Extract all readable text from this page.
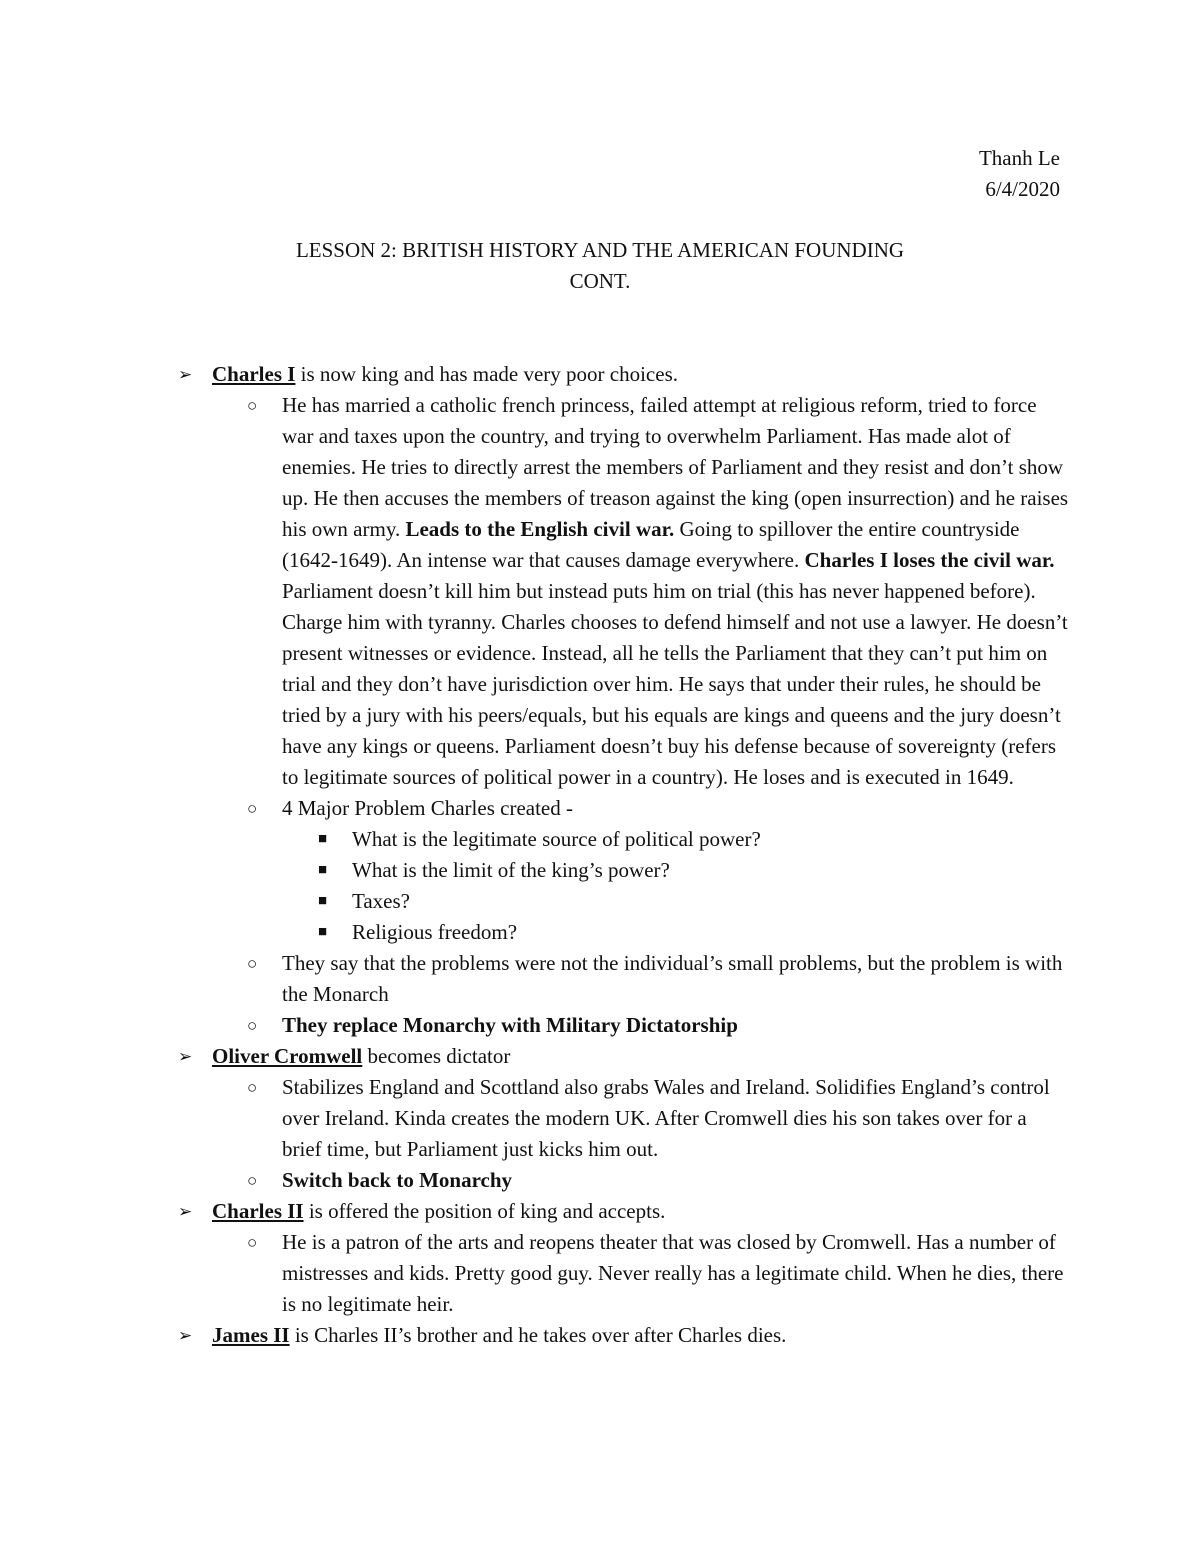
Thanh Le
6/4/2020
LESSON 2: BRITISH HISTORY AND THE AMERICAN FOUNDING
CONT.
➢ Charles I is now king and has made very poor choices.
○ He has married a catholic french princess, failed attempt at religious reform, tried to force war and taxes upon the country, and trying to overwhelm Parliament. Has made alot of enemies. He tries to directly arrest the members of Parliament and they resist and don’t show up. He then accuses the members of treason against the king (open insurrection) and he raises his own army. Leads to the English civil war. Going to spillover the entire countryside (1642-1649). An intense war that causes damage everywhere. Charles I loses the civil war. Parliament doesn’t kill him but instead puts him on trial (this has never happened before). Charge him with tyranny. Charles chooses to defend himself and not use a lawyer. He doesn’t present witnesses or evidence. Instead, all he tells the Parliament that they can’t put him on trial and they don’t have jurisdiction over him. He says that under their rules, he should be tried by a jury with his peers/equals, but his equals are kings and queens and the jury doesn’t have any kings or queens. Parliament doesn’t buy his defense because of sovereignty (refers to legitimate sources of political power in a country). He loses and is executed in 1649.
○ 4 Major Problem Charles created -
■ What is the legitimate source of political power?
■ What is the limit of the king’s power?
■ Taxes?
■ Religious freedom?
○ They say that the problems were not the individual’s small problems, but the problem is with the Monarch
○ They replace Monarchy with Military Dictatorship
➢ Oliver Cromwell becomes dictator
○ Stabilizes England and Scottland also grabs Wales and Ireland. Solidifies England’s control over Ireland. Kinda creates the modern UK. After Cromwell dies his son takes over for a brief time, but Parliament just kicks him out.
○ Switch back to Monarchy
➢ Charles II is offered the position of king and accepts.
○ He is a patron of the arts and reopens theater that was closed by Cromwell. Has a number of mistresses and kids. Pretty good guy. Never really has a legitimate child. When he dies, there is no legitimate heir.
➢ James II is Charles II’s brother and he takes over after Charles dies.
